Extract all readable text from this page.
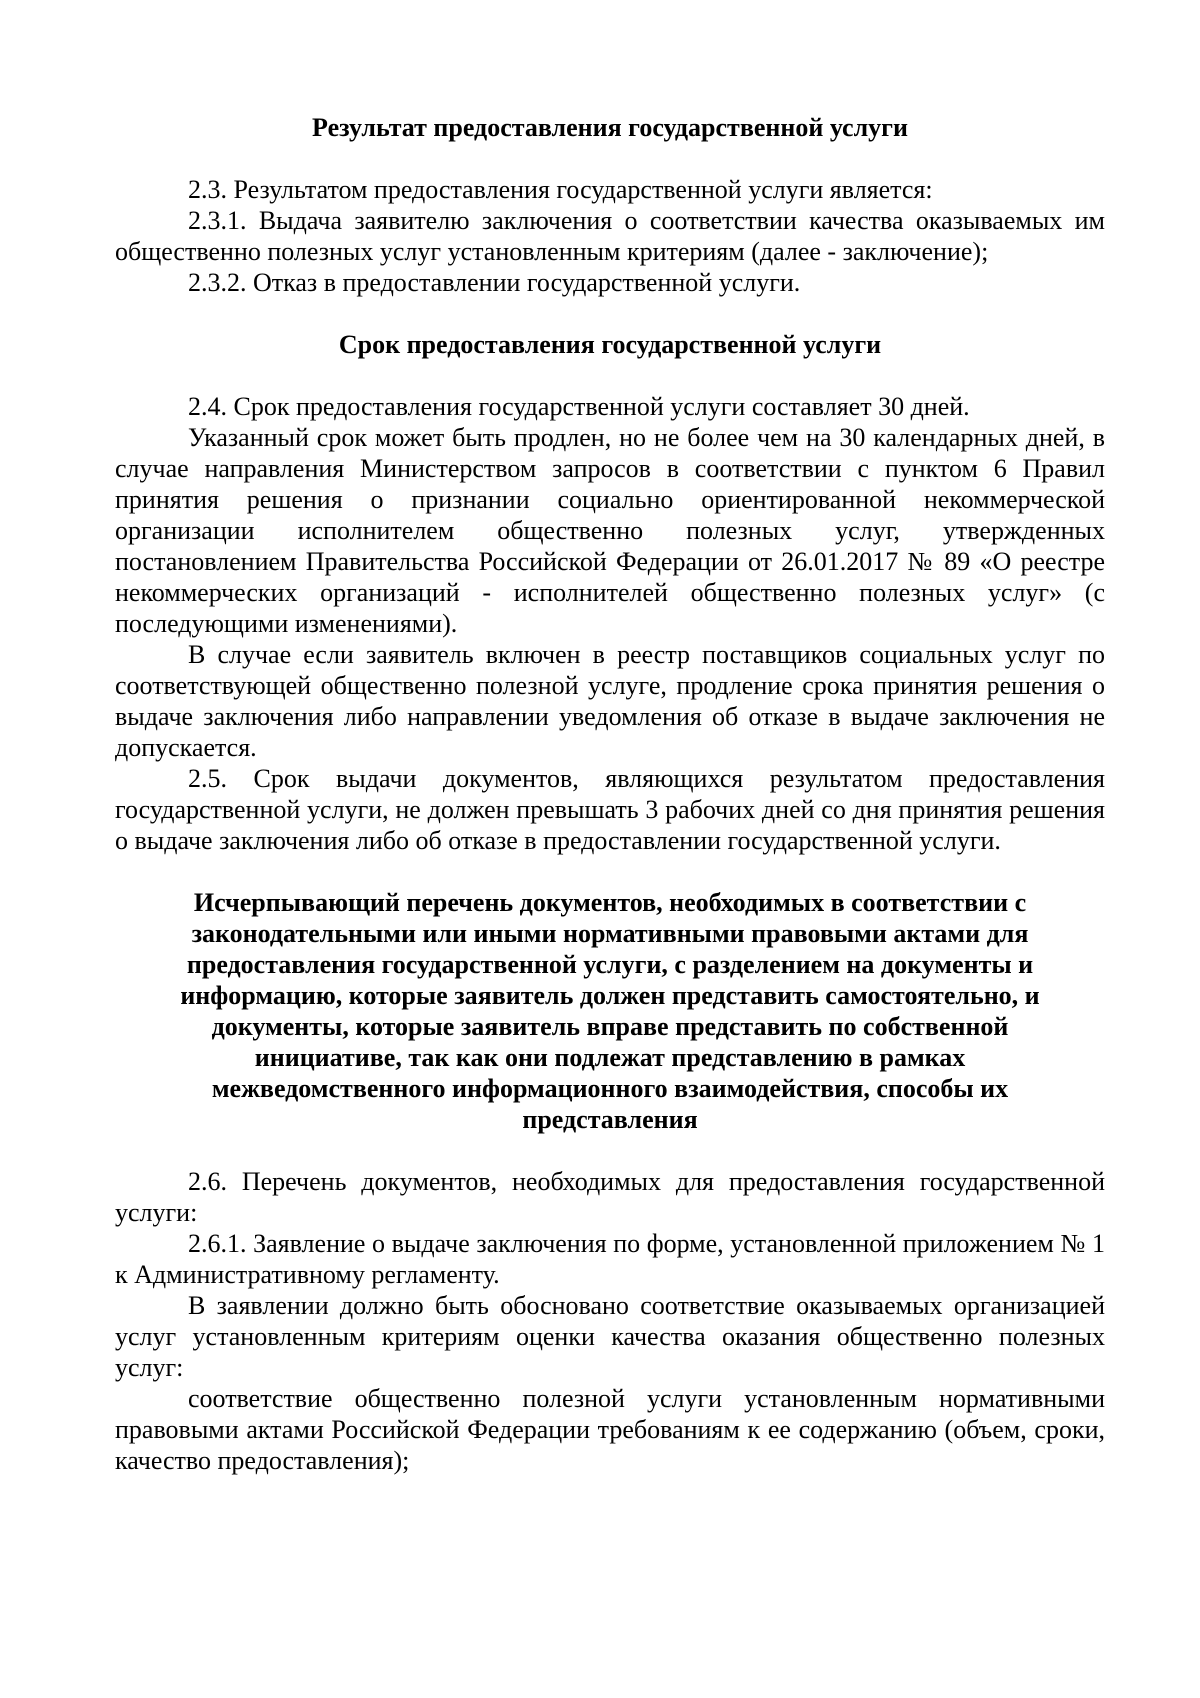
Результат предоставления государственной услуги

2.3. Результатом предоставления государственной услуги является:

2.3.1. Выдача заявителю заключения о соответствии качества оказываемых им общественно полезных услуг установленным критериям (далее - заключение);

2.3.2. Отказ в предоставлении государственной услуги.

Срок предоставления государственной услуги

2.4. Срок предоставления государственной услуги составляет 30 дней.

Указанный срок может быть продлен, но не более чем на 30 календарных дней, в случае направления Министерством запросов в соответствии с пунктом 6 Правил принятия решения о признании социально ориентированной некоммерческой организации исполнителем общественно полезных услуг, утвержденных постановлением Правительства Российской Федерации от 26.01.2017 № 89 «О реестре некоммерческих организаций - исполнителей общественно полезных услуг» (с последующими изменениями).

В случае если заявитель включен в реестр поставщиков социальных услуг по соответствующей общественно полезной услуге, продление срока принятия решения о выдаче заключения либо направлении уведомления об отказе в выдаче заключения не допускается.

2.5. Срок выдачи документов, являющихся результатом предоставления государственной услуги, не должен превышать 3 рабочих дней со дня принятия решения о выдаче заключения либо об отказе в предоставлении государственной услуги.

Исчерпывающий перечень документов, необходимых в соответствии с законодательными или иными нормативными правовыми актами для предоставления государственной услуги, с разделением на документы и информацию, которые заявитель должен представить самостоятельно, и документы, которые заявитель вправе представить по собственной инициативе, так как они подлежат представлению в рамках межведомственного информационного взаимодействия, способы их представления

2.6. Перечень документов, необходимых для предоставления государственной услуги:

2.6.1. Заявление о выдаче заключения по форме, установленной приложением № 1 к Административному регламенту.

В заявлении должно быть обосновано соответствие оказываемых организацией услуг установленным критериям оценки качества оказания общественно полезных услуг:

соответствие общественно полезной услуги установленным нормативными правовыми актами Российской Федерации требованиям к ее содержанию (объем, сроки, качество предоставления);
